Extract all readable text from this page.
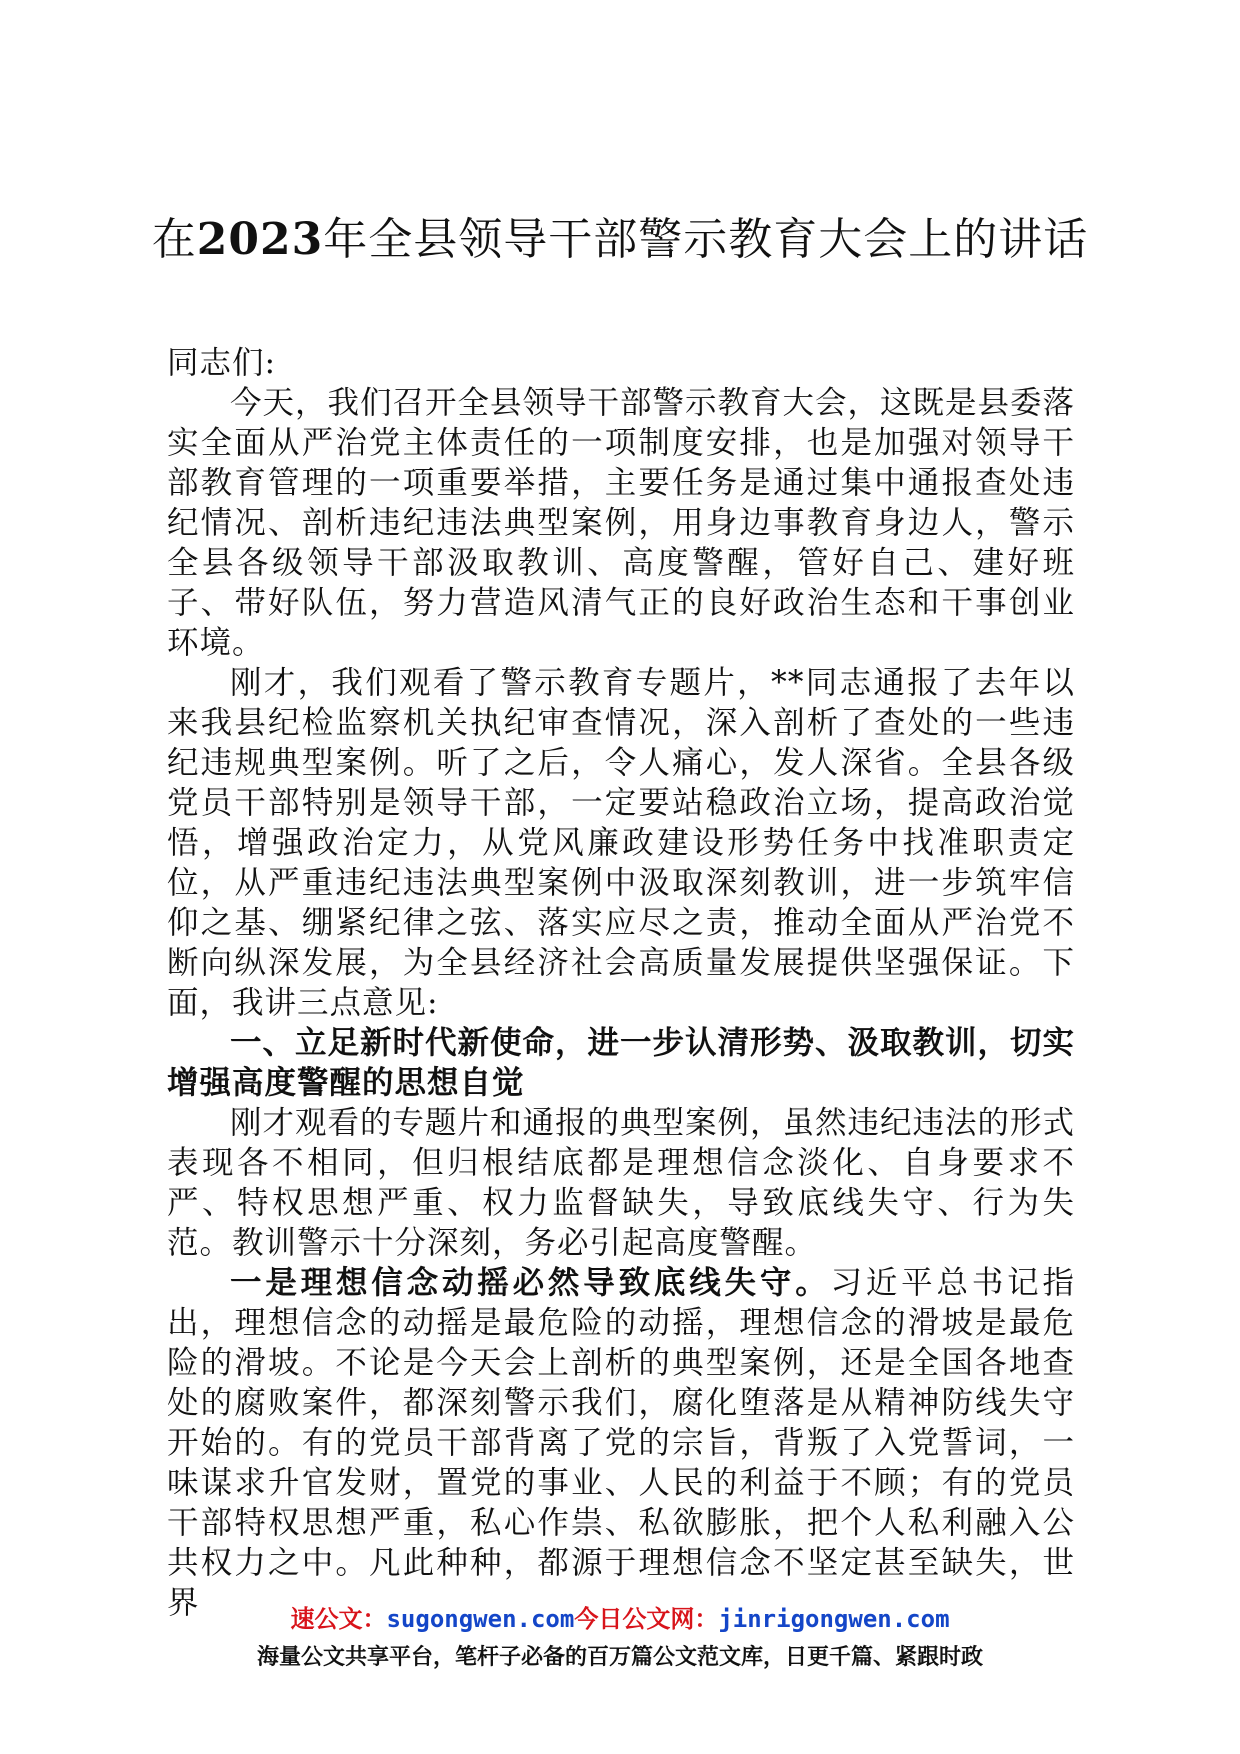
在2023年全县领导干部警示教育大会上的讲话

同志们:

今天，我们召开全县领导干部警示教育大会，这既是县委落实全面从严治党主体责任的一项制度安排，也是加强对领导干部教育管理的一项重要举措，主要任务是通过集中通报查处违纪情况、剖析违纪违法典型案例，用身边事教育身边人，警示全县各级领导干部汲取教训、高度警醒，管好自己、建好班子、带好队伍，努力营造风清气正的良好政治生态和干事创业环境。

刚才，我们观看了警示教育专题片，**同志通报了去年以来我县纪检监察机关执纪审查情况，深入剖析了查处的一些违纪违规典型案例。听了之后，令人痛心，发人深省。全县各级党员干部特别是领导干部，一定要站稳政治立场，提高政治觉悟，增强政治定力，从党风廉政建设形势任务中找准职责定位，从严重违纪违法典型案例中汲取深刻教训，进一步筑牢信仰之基、绷紧纪律之弦、落实应尽之责，推动全面从严治党不断向纵深发展，为全县经济社会高质量发展提供坚强保证。下面，我讲三点意见:

一、立足新时代新使命，进一步认清形势、汲取教训，切实增强高度警醒的思想自觉

刚才观看的专题片和通报的典型案例，虽然违纪违法的形式表现各不相同，但归根结底都是理想信念淡化、自身要求不严、特权思想严重、权力监督缺失，导致底线失守、行为失范。教训警示十分深刻，务必引起高度警醒。

一是理想信念动摇必然导致底线失守。习近平总书记指出，理想信念的动摇是最危险的动摇，理想信念的滑坡是最危险的滑坡。不论是今天会上剖析的典型案例，还是全国各地查处的腐败案件，都深刻警示我们，腐化堕落是从精神防线失守开始的。有的党员干部背离了党的宗旨，背叛了入党誓词，一味谋求升官发财，置党的事业、人民的利益于不顾；有的党员干部特权思想严重，私心作祟、私欲膨胀，把个人私利融入公共权力之中。凡此种种，都源于理想信念不坚定甚至缺失，世界	速公文：sugongwen.com今日公文网：jinrigongwen.com
海量公文共享平台，笔杆子必备的百万篇公文范文库，日更千篇、紧跟时政
